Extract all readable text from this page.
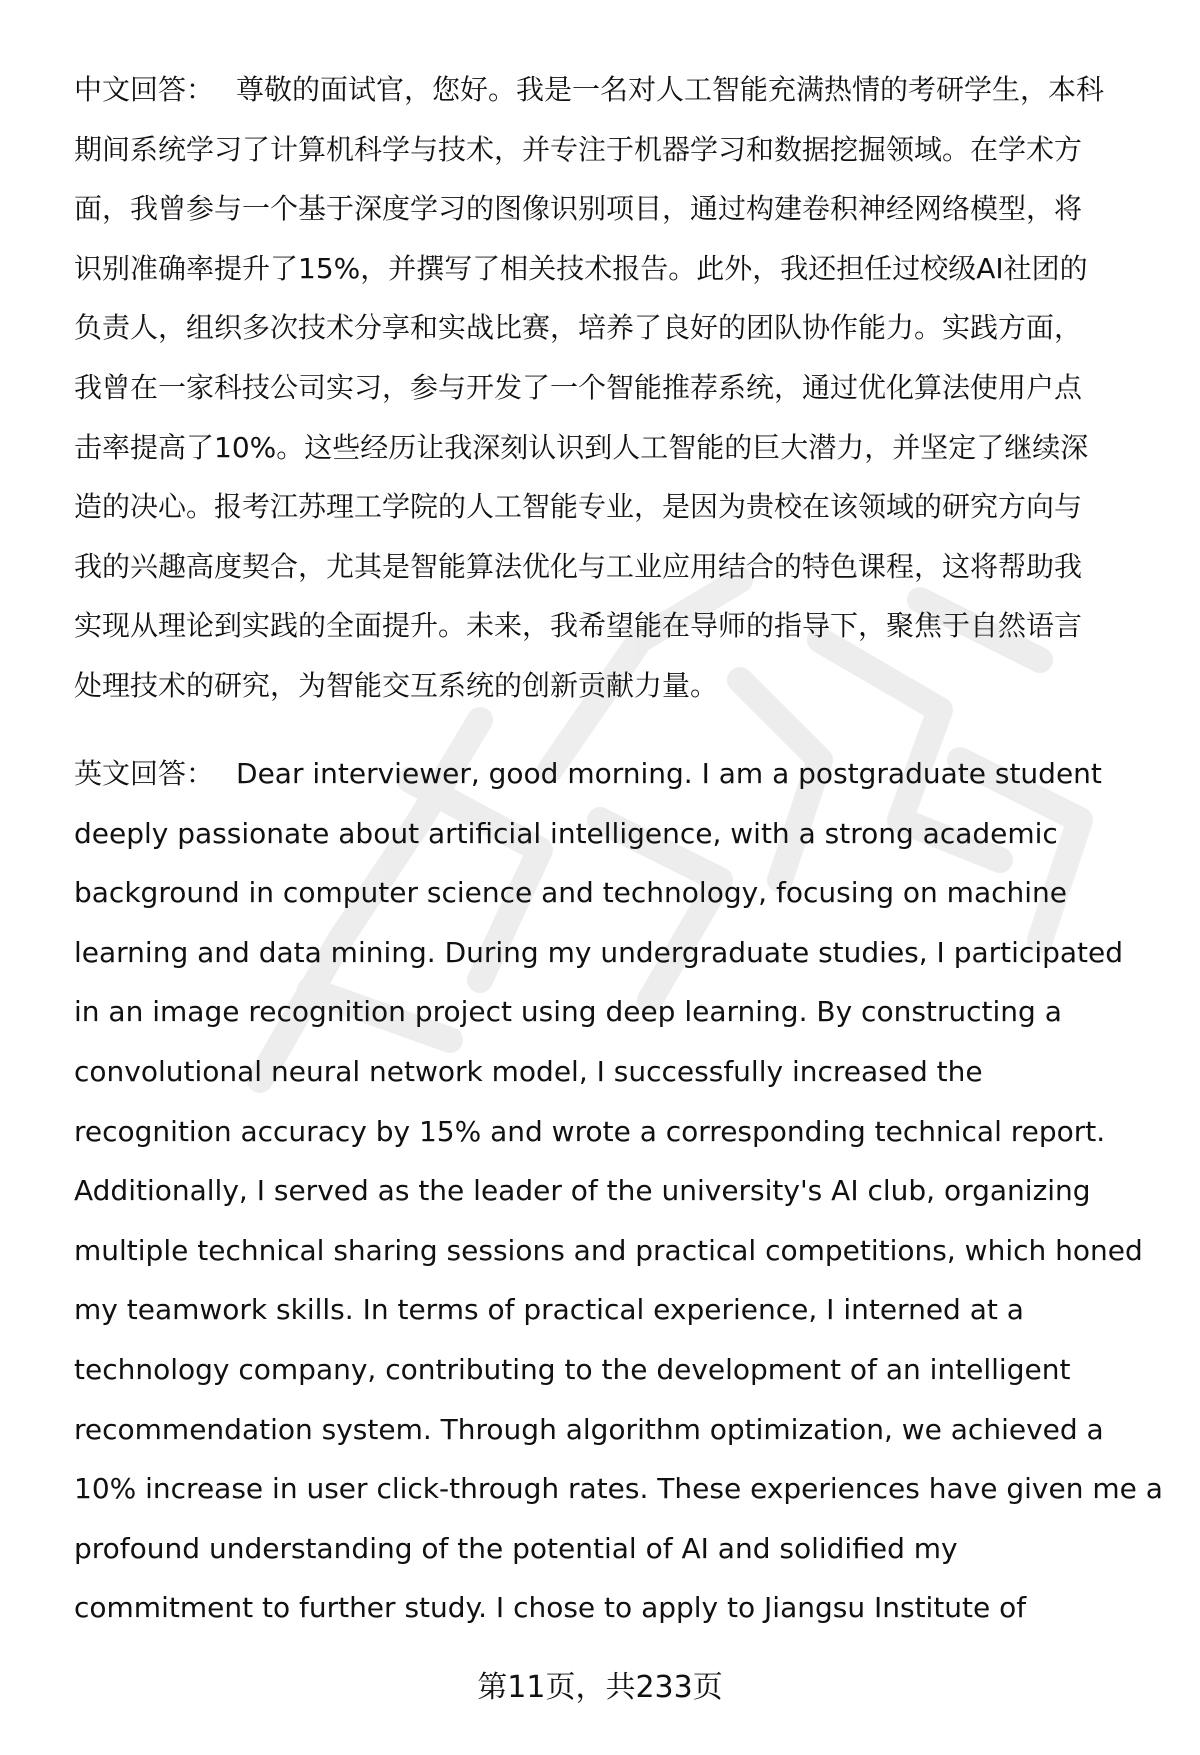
中文回答： 尊敬的面试官，您好。我是一名对人工智能充满热情的考研学生，本科
期间系统学习了计算机科学与技术，并专注于机器学习和数据挖掘领域。在学术方
面，我曾参与一个基于深度学习的图像识别项目，通过构建卷积神经网络模型，将
识别准确率提升了15%，并撰写了相关技术报告。此外，我还担任过校级AI社团的
负责人，组织多次技术分享和实战比赛，培养了良好的团队协作能力。实践方面，
我曾在一家科技公司实习，参与开发了一个智能推荐系统，通过优化算法使用户点
击率提高了10%。这些经历让我深刻认识到人工智能的巨大潜力，并坚定了继续深
造的决心。报考江苏理工学院的人工智能专业，是因为贵校在该领域的研究方向与
我的兴趣高度契合，尤其是智能算法优化与工业应用结合的特色课程，这将帮助我
实现从理论到实践的全面提升。未来，我希望能在导师的指导下，聚焦于自然语言
处理技术的研究，为智能交互系统的创新贡献力量。
英文回答： Dear interviewer, good morning. I am a postgraduate student
deeply passionate about artificial intelligence, with a strong academic
background in computer science and technology, focusing on machine
learning and data mining. During my undergraduate studies, I participated
in an image recognition project using deep learning. By constructing a
convolutional neural network model, I successfully increased the
recognition accuracy by 15% and wrote a corresponding technical report.
Additionally, I served as the leader of the university's AI club, organizing
multiple technical sharing sessions and practical competitions, which honed
my teamwork skills. In terms of practical experience, I interned at a
technology company, contributing to the development of an intelligent
recommendation system. Through algorithm optimization, we achieved a
10% increase in user click-through rates. These experiences have given me a
profound understanding of the potential of AI and solidified my
commitment to further study. I chose to apply to Jiangsu Institute of
第11页，共233页
